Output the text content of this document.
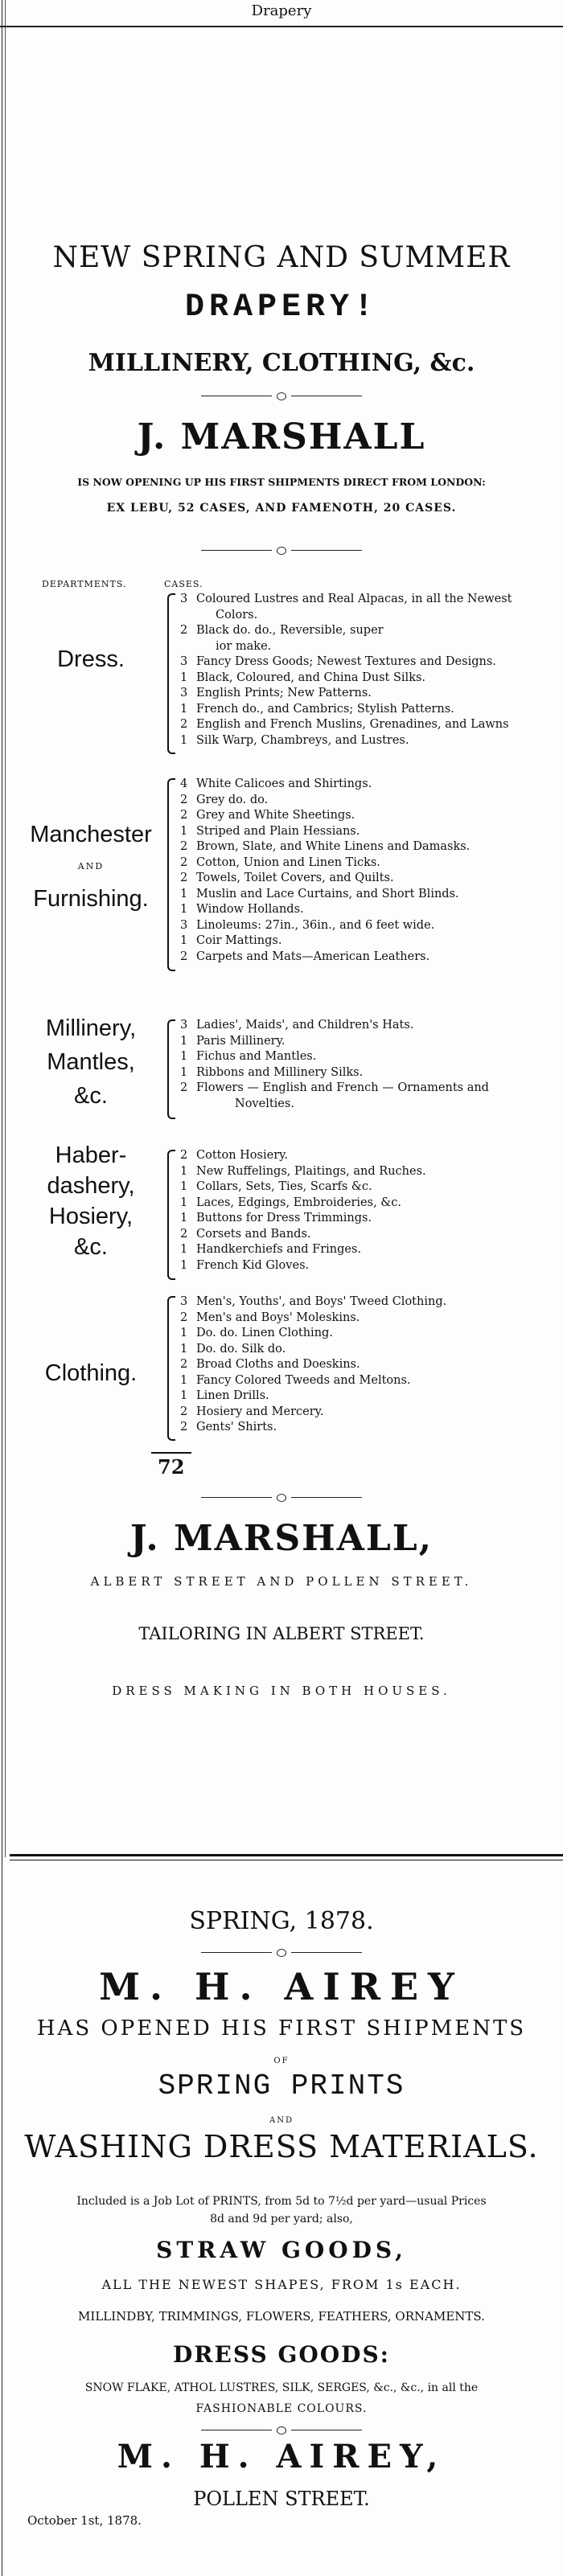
Drapery
NEW SPRING AND SUMMER
DRAPERY!
MILLINERY, CLOTHING, &c.
J. MARSHALL
IS NOW OPENING UP HIS FIRST SHIPMENTS DIRECT FROM LONDON:
EX LEBU, 52 CASES, AND FAMENOTH, 20 CASES.
DEPARTMENTS.	CASES.
Dress.
3 Coloured Lustres and Real Alpacas, in all the Newest
Colors.
2 Black do. do., Reversible, super
ior make.
3 Fancy Dress Goods; Newest Textures and Designs.
1 Black, Coloured, and China Dust Silks.
3 English Prints; New Patterns.
1 French do., and Cambrics; Stylish Patterns.
2 English and French Muslins, Grenadines, and Lawns
1 Silk Warp, Chambreys, and Lustres.
Manchester
AND
Furnishing.
4 White Calicoes and Shirtings.
2 Grey do. do.
2 Grey and White Sheetings.
1 Striped and Plain Hessians.
2 Brown, Slate, and White Linens and Damasks.
2 Cotton, Union and Linen Ticks.
2 Towels, Toilet Covers, and Quilts.
1 Muslin and Lace Curtains, and Short Blinds.
1 Window Hollands.
3 Linoleums: 27in., 36in., and 6 feet wide.
1 Coir Mattings.
2 Carpets and Mats—American Leathers.
Millinery,
Mantles,
&c.
3 Ladies', Maids', and Children's Hats.
1 Paris Millinery.
1 Fichus and Mantles.
1 Ribbons and Millinery Silks.
2 Flowers — English and French — Ornaments and
Novelties.
Haber-
dashery,
Hosiery,
&c.
2 Cotton Hosiery.
1 New Ruffelings, Plaitings, and Ruches.
1 Collars, Sets, Ties, Scarfs &c.
1 Laces, Edgings, Embroideries, &c.
1 Buttons for Dress Trimmings.
2 Corsets and Bands.
1 Handkerchiefs and Fringes.
1 French Kid Gloves.
Clothing.
3 Men's, Youths', and Boys' Tweed Clothing.
2 Men's and Boys' Moleskins.
1 Do. do. Linen Clothing.
1 Do. do. Silk do.
2 Broad Cloths and Doeskins.
1 Fancy Colored Tweeds and Meltons.
1 Linen Drills.
2 Hosiery and Mercery.
2 Gents' Shirts.
72
J. MARSHALL,
ALBERT STREET AND POLLEN STREET.
TAILORING IN ALBERT STREET.
DRESS MAKING IN BOTH HOUSES.
SPRING, 1878.
M. H. AIREY
HAS OPENED HIS FIRST SHIPMENTS
OF
SPRING PRINTS
AND
WASHING DRESS MATERIALS.
Included is a Job Lot of PRINTS, from 5d to 7½d per yard—usual Prices
8d and 9d per yard; also,
STRAW GOODS,
ALL THE NEWEST SHAPES, FROM 1s EACH.
MILLINDBY, TRIMMINGS, FLOWERS, FEATHERS, ORNAMENTS.
DRESS GOODS:
SNOW FLAKE, ATHOL LUSTRES, SILK, SERGES, &c., &c., in all the
FASHIONABLE COLOURS.
M. H. AIREY,
POLLEN STREET.
October 1st, 1878.
